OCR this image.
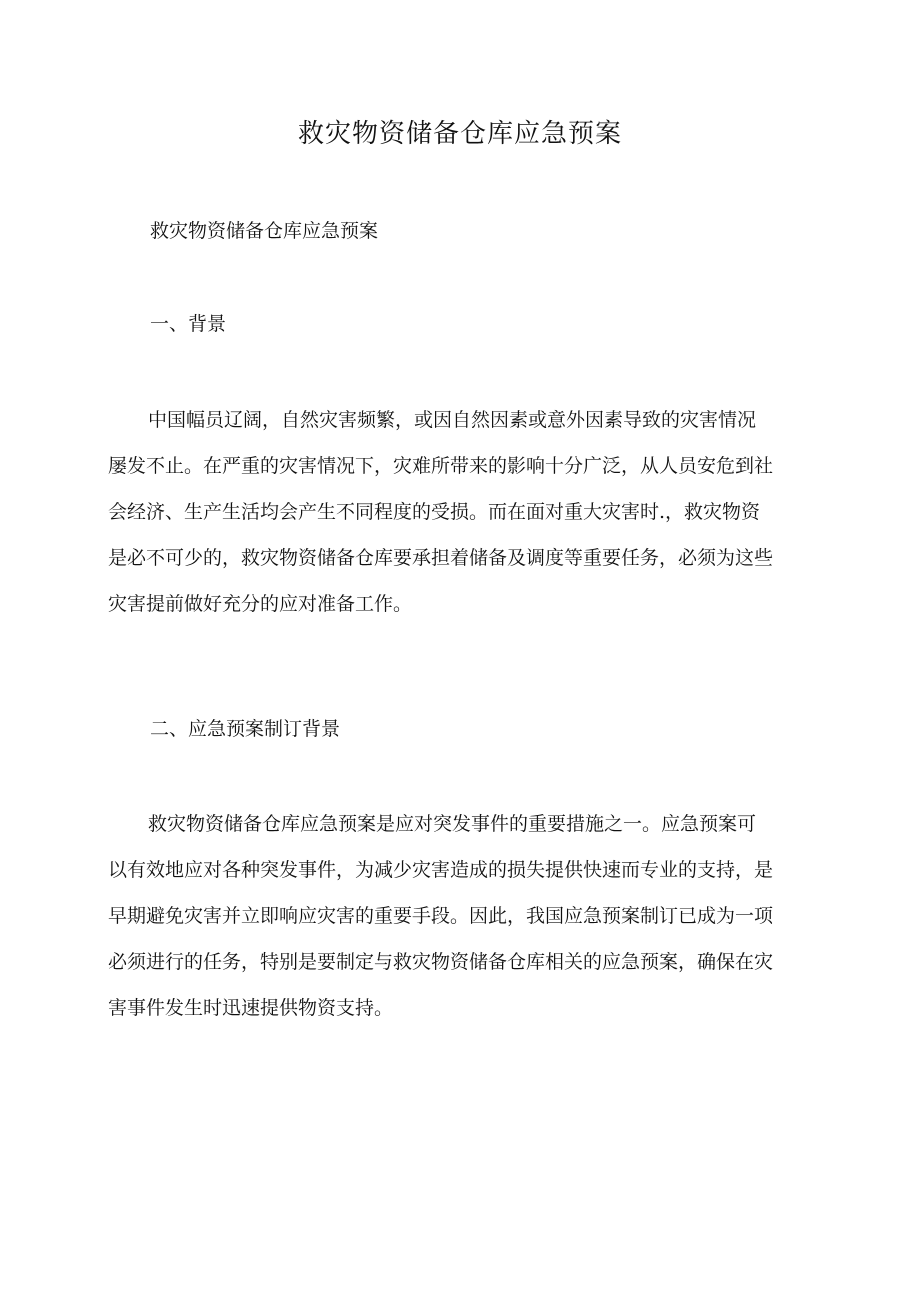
救灾物资储备仓库应急预案

救灾物资储备仓库应急预案

一、背景
中国幅员辽阔，自然灾害频繁，或因自然因素或意外因素导致的灾害情况
屡发不止。在严重的灾害情况下，灾难所带来的影响十分广泛，从人员安危到社
会经济、生产生活均会产生不同程度的受损。而在面对重大灾害时.，救灾物资
是必不可少的，救灾物资储备仓库要承担着储备及调度等重要任务，必须为这些
灾害提前做好充分的应对准备工作。
二、应急预案制订背景
救灾物资储备仓库应急预案是应对突发事件的重要措施之一。应急预案可
以有效地应对各种突发事件，为减少灾害造成的损失提供快速而专业的支持，是
早期避免灾害并立即响应灾害的重要手段。因此，我国应急预案制订已成为一项
必须进行的任务，特别是要制定与救灾物资储备仓库相关的应急预案，确保在灾
害事件发生时迅速提供物资支持。
